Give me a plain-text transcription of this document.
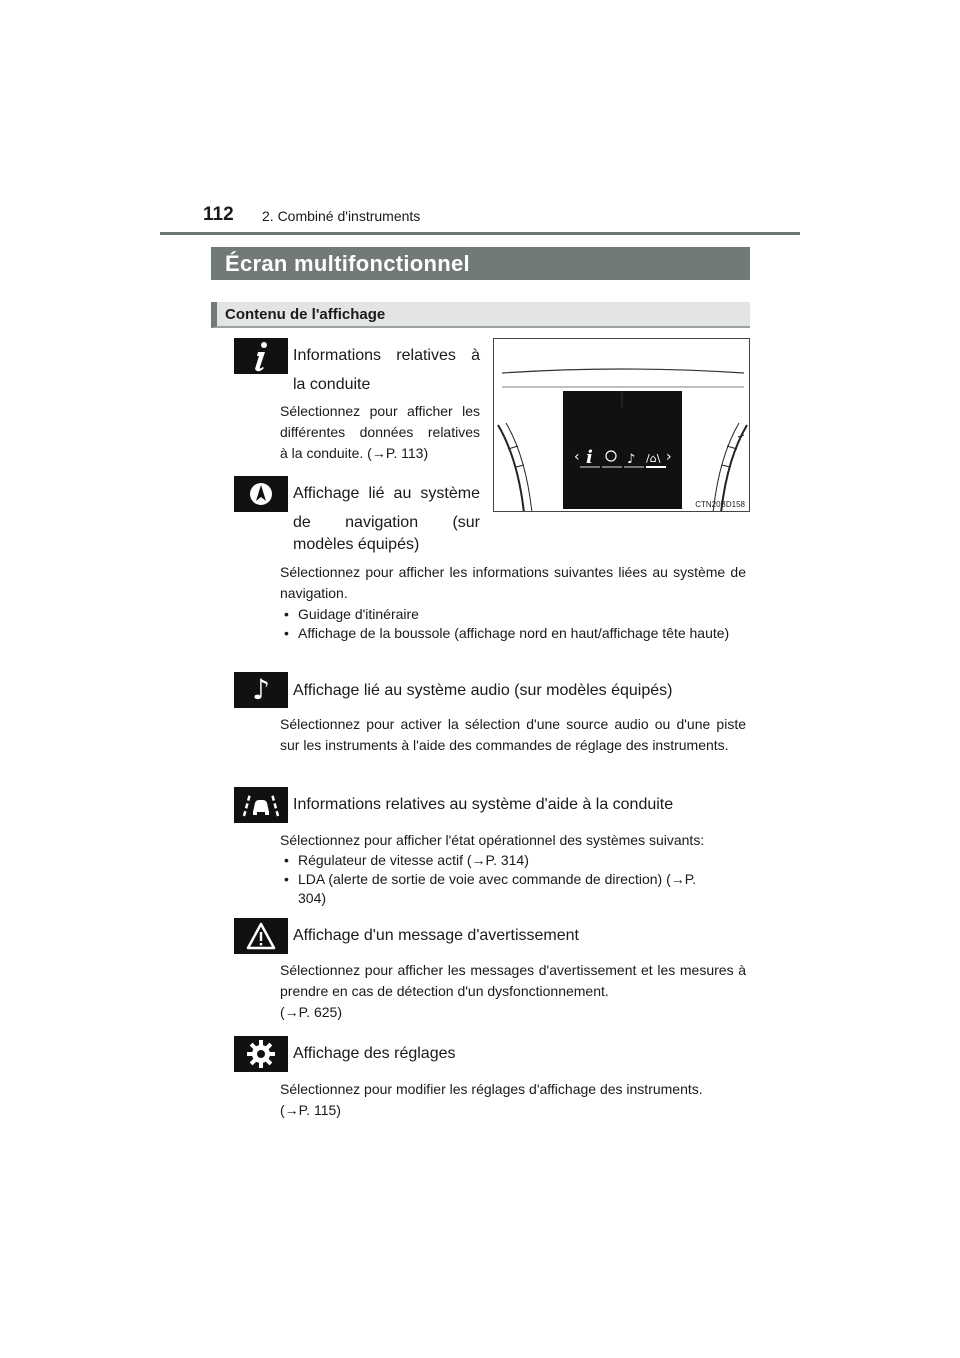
112 2. Combiné d'instruments
Écran multifonctionnel
Contenu de l'affichage
‹ i	♪ /⌂\ ›
CTN20BD158
Informations relatives à
la conduite
Sélectionnez pour afficher les
différentes données relatives
à la conduite. (→P. 113)
Affichage lié au système
de navigation (sur
modèles équipés)
Sélectionnez pour afficher les informations suivantes liées au système de navigation.
• Guidage d'itinéraire
• Affichage de la boussole (affichage nord en haut/affichage tête haute)
♪ Affichage lié au système audio (sur modèles équipés)
Sélectionnez pour activer la sélection d'une source audio ou d'une piste sur les instruments à l'aide des commandes de réglage des instruments.
Informations relatives au système d'aide à la conduite
Sélectionnez pour afficher l'état opérationnel des systèmes suivants:
• Régulateur de vitesse actif (→P. 314)
• LDA (alerte de sortie de voie avec commande de direction) (→P. 304)
Affichage d'un message d'avertissement
Sélectionnez pour afficher les messages d'avertissement et les mesures à prendre en cas de détection d'un dysfonctionnement.
(→P. 625)
Affichage des réglages
Sélectionnez pour modifier les réglages d'affichage des instruments.
(→P. 115)
